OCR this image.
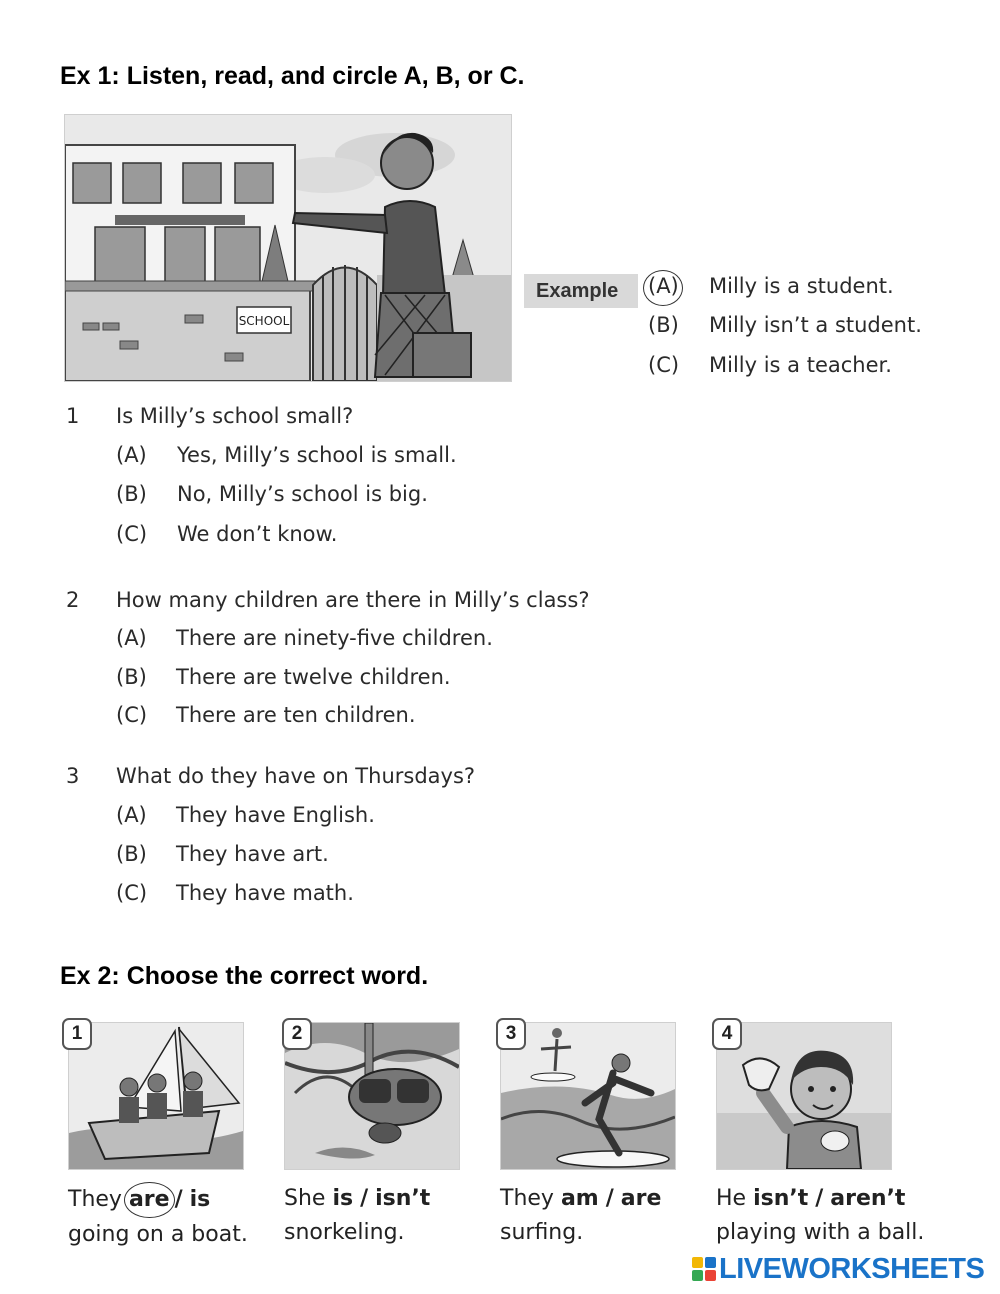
Ex 1: Listen, read, and circle A, B, or C.
SCHOOL
Example	(A) Milly is a student.
(B) Milly isn’t a student.
(C) Milly is a teacher.
1 Is Milly’s school small?
(A) Yes, Milly’s school is small.
(B) No, Milly’s school is big.
(C) We don’t know.
2 How many children are there in Milly’s class?
(A) There are ninety-five children.
(B) There are twelve children.
(C) There are ten children.
3 What do they have on Thursdays?
(A) They have English.
(B) They have art.
(C) They have math.
Ex 2: Choose the correct word.
1	2	3	4
They are / is
going on a boat.
She is / isn’t
snorkeling.
They am / are
surfing.
He isn’t / aren’t
playing with a ball.
LIVEWORKSHEETS
